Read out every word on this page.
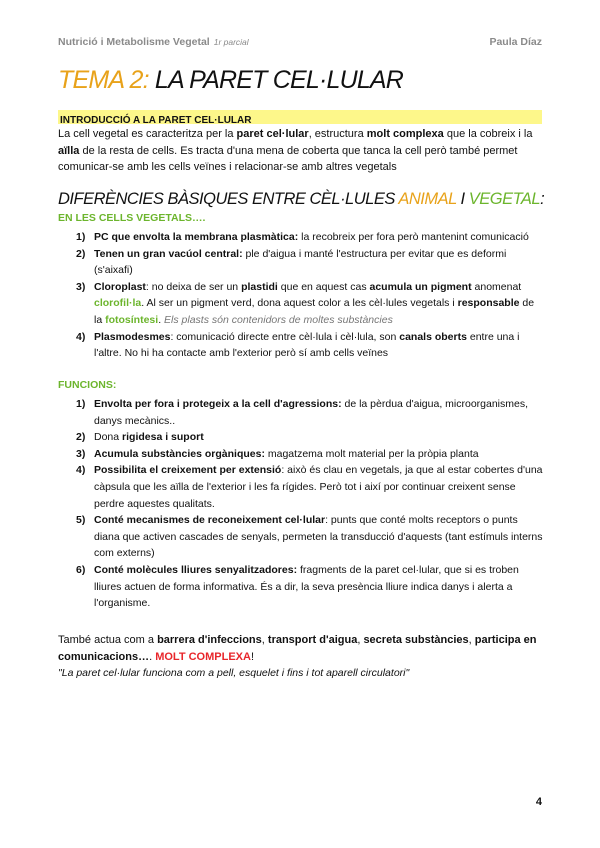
Nutrició i Metabolisme Vegetal 1r parcial	Paula Díaz
TEMA 2: LA PARET CEL·LULAR
INTRODUCCIÓ A LA PARET CEL·LULAR
La cell vegetal es caracteritza per la paret cel·lular, estructura molt complexa que la cobreix i la aïlla de la resta de cells. Es tracta d'una mena de coberta que tanca la cell però també permet comunicar-se amb les cells veïnes i relacionar-se amb altres vegetals
DIFERÈNCIES BÀSIQUES ENTRE CÈL·LULES ANIMAL I VEGETAL:
EN LES CELLS VEGETALS….
1) PC que envolta la membrana plasmàtica: la recobreix per fora però mantenint comunicació
2) Tenen un gran vacúol central: ple d'aigua i manté l'estructura per evitar que es deformi (s'aixafi)
3) Cloroplast: no deixa de ser un plastidi que en aquest cas acumula un pigment anomenat clorofil·la. Al ser un pigment verd, dona aquest color a les cèl·lules vegetals i responsable de la fotosíntesi. Els plasts són contenidors de moltes substàncies
4) Plasmodesmes: comunicació directe entre cèl·lula i cèl·lula, son canals oberts entre una i l'altre. No hi ha contacte amb l'exterior però sí amb cells veïnes
FUNCIONS:
1) Envolta per fora i protegeix a la cell d'agressions: de la pèrdua d'aigua, microorganismes, danys mecànics..
2) Dona rigidesa i suport
3) Acumula substàncies orgàniques: magatzema molt material per la pròpia planta
4) Possibilita el creixement per extensió: això és clau en vegetals, ja que al estar cobertes d'una càpsula que les aïlla de l'exterior i les fa rígides. Però tot i així por continuar creixent sense perdre aquestes qualitats.
5) Conté mecanismes de reconeixement cel·lular: punts que conté molts receptors o punts diana que activen cascades de senyals, permeten la transducció d'aquests (tant estímuls interns com externs)
6) Conté molècules lliures senyalitzadores: fragments de la paret cel·lular, que si es troben lliures actuen de forma informativa. És a dir, la seva presència lliure indica danys i alerta a l'organisme.
També actua com a barrera d'infeccions, transport d'aigua, secreta substàncies, participa en comunicacions…. MOLT COMPLEXA!
"La paret cel·lular funciona com a pell, esquelet i fins i tot aparell circulatori"
4
